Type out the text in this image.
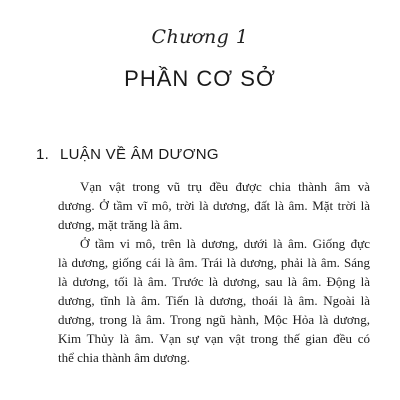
Chương 1
PHẦN CƠ SỞ
1. LUẬN VỀ ÂM DƯƠNG
Vạn vật trong vũ trụ đều được chia thành âm và
dương. Ở tầm vĩ mô, trời là dương, đất là âm. Mặt trời là
dương, mặt trăng là âm.
Ở tầm vi mô, trên là dương, dưới là âm. Giống đực
là dương, giống cái là âm. Trái là dương, phải là âm. Sáng
là dương, tối là âm. Trước là dương, sau là âm. Động là
dương, tĩnh là âm. Tiến là dương, thoái là âm. Ngoài là
dương, trong là âm. Trong ngũ hành, Mộc Hỏa là dương,
Kim Thủy là âm. Vạn sự vạn vật trong thế gian đều có
thể chia thành âm dương.
